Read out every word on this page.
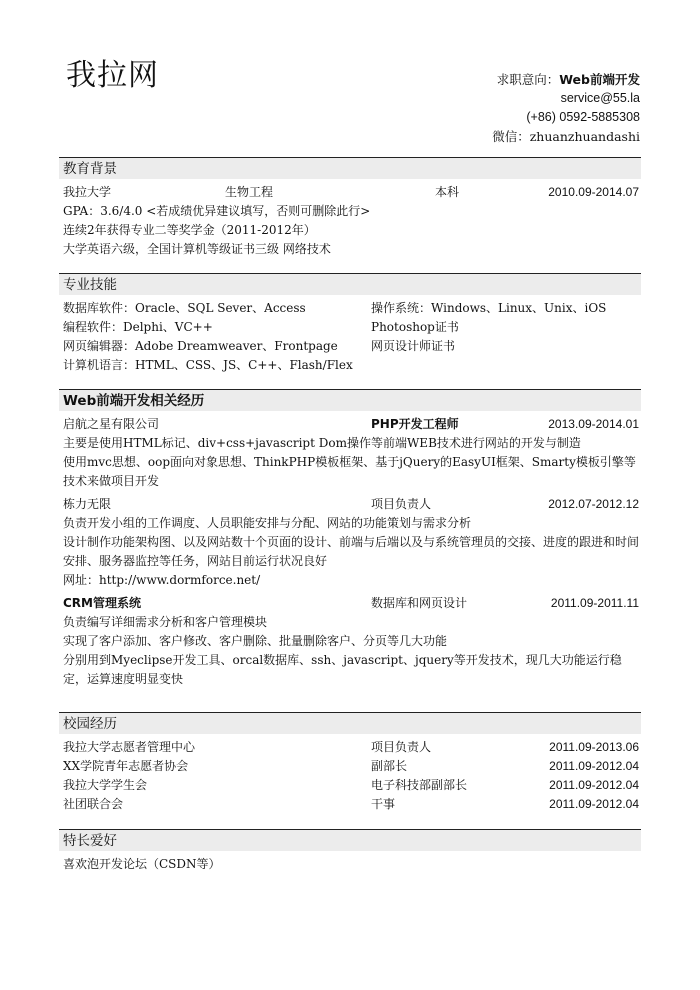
我拉网	求职意向：Web前端开发
service@55.la
(+86) 0592-5885308
微信：zhuanzhuandashi
教育背景
我拉大学	生物工程	本科	2010.09-2014.07
GPA：3.6/4.0 <若成绩优异建议填写，否则可删除此行>
连续2年获得专业二等奖学金（2011-2012年）
大学英语六级，全国计算机等级证书三级 网络技术
专业技能
数据库软件：Oracle、SQL Sever、Access	操作系统：Windows、Linux、Unix、iOS
编程软件：Delphi、VC++	Photoshop证书
网页编辑器：Adobe Dreamweaver、Frontpage	网页设计师证书
计算机语言：HTML、CSS、JS、C++、Flash/Flex
Web前端开发相关经历
启航之星有限公司	PHP开发工程师	2013.09-2014.01
主要是使用HTML标记、div+css+javascript Dom操作等前端WEB技术进行网站的开发与制造
使用mvc思想、oop面向对象思想、ThinkPHP模板框架、基于jQuery的EasyUI框架、Smarty模板引擎等技术来做项目开发
栋力无限	项目负责人	2012.07-2012.12
负责开发小组的工作调度、人员职能安排与分配、网站的功能策划与需求分析
设计制作功能架构图、以及网站数十个页面的设计、前端与后端以及与系统管理员的交接、进度的跟进和时间安排、服务器监控等任务，网站目前运行状况良好
网址：http://www.dormforce.net/
CRM管理系统	数据库和网页设计	2011.09-2011.11
负责编写详细需求分析和客户管理模块
实现了客户添加、客户修改、客户删除、批量删除客户、分页等几大功能
分别用到Myeclipse开发工具、orcal数据库、ssh、javascript、jquery等开发技术，现几大功能运行稳定，运算速度明显变快
校园经历
我拉大学志愿者管理中心	项目负责人	2011.09-2013.06
XX学院青年志愿者协会	副部长	2011.09-2012.04
我拉大学学生会	电子科技部副部长	2011.09-2012.04
社团联合会	干事	2011.09-2012.04
特长爱好
喜欢泡开发论坛（CSDN等）
